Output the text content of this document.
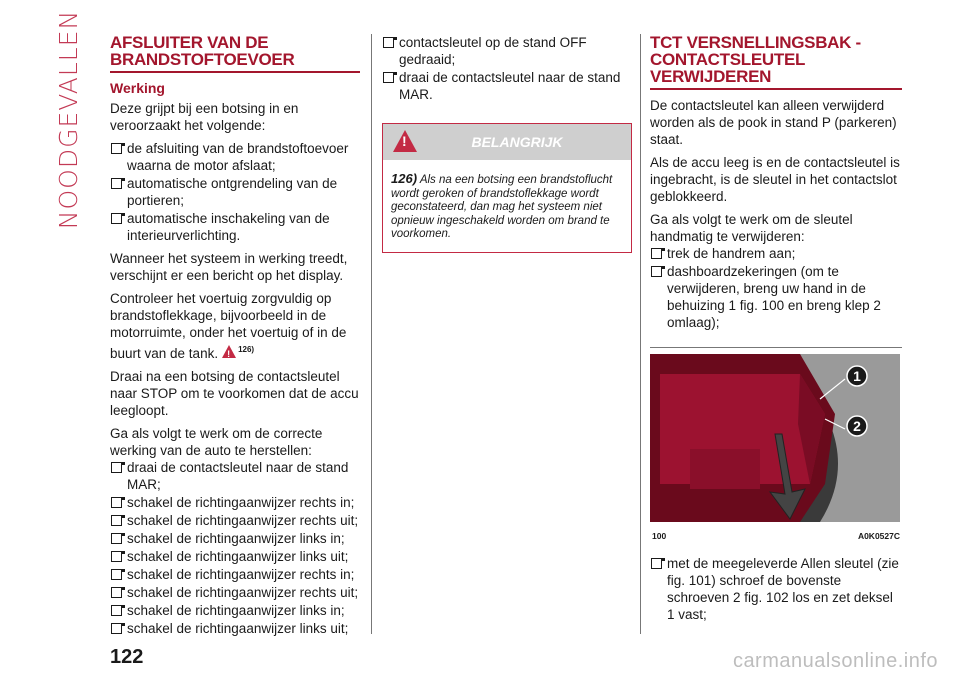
NOODGEVALLEN AFSLUITER VAN DE BRANDSTOFTOEVOER
Werking

Deze grijpt bij een botsing in en veroorzaakt het volgende:

de afsluiting van de brandstoftoevoer waarna de motor afslaat;
automatische ontgrendeling van de portieren;
automatische inschakeling van de interieurverlichting.

Wanneer het systeem in werking treedt, verschijnt er een bericht op het display.

Controleer het voertuig zorgvuldig op brandstoflekkage, bijvoorbeeld in de motorruimte, onder het voertuig of in de buurt van de tank.
!	126)

Draai na een botsing de contactsleutel naar STOP om te voorkomen dat de accu leegloopt.

Ga als volgt te werk om de correcte werking van de auto te herstellen:

draai de contactsleutel naar de stand MAR;
schakel de richtingaanwijzer rechts in;
schakel de richtingaanwijzer rechts uit;
schakel de richtingaanwijzer links in;
schakel de richtingaanwijzer links uit;
schakel de richtingaanwijzer rechts in;
schakel de richtingaanwijzer rechts uit;
schakel de richtingaanwijzer links in;
schakel de richtingaanwijzer links uit;
contactsleutel op de stand OFF gedraaid;
draai de contactsleutel naar de stand MAR.
!
BELANGRIJK
126) Als na een botsing een brandstoflucht wordt geroken of brandstoflekkage wordt geconstateerd, dan mag het systeem niet opnieuw ingeschakeld worden om brand te voorkomen.
TCT VERSNELLINGSBAK - CONTACTSLEUTEL VERWIJDEREN

De contactsleutel kan alleen verwijderd worden als de pook in stand P (parkeren) staat.

Als de accu leeg is en de contactsleutel is ingebracht, is de sleutel in het contactslot geblokkeerd.

Ga als volgt te werk om de sleutel handmatig te verwijderen:

trek de handrem aan;
dashboardzekeringen (om te verwijderen, breng uw hand in de behuizing 1 fig. 100 en breng klep 2 omlaag);
1
2
100	A0K0527C
met de meegeleverde Allen sleutel (zie fig. 101) schroef de bovenste schroeven 2 fig. 102 los en zet deksel 1 vast;
122	carmanualsonline.info
